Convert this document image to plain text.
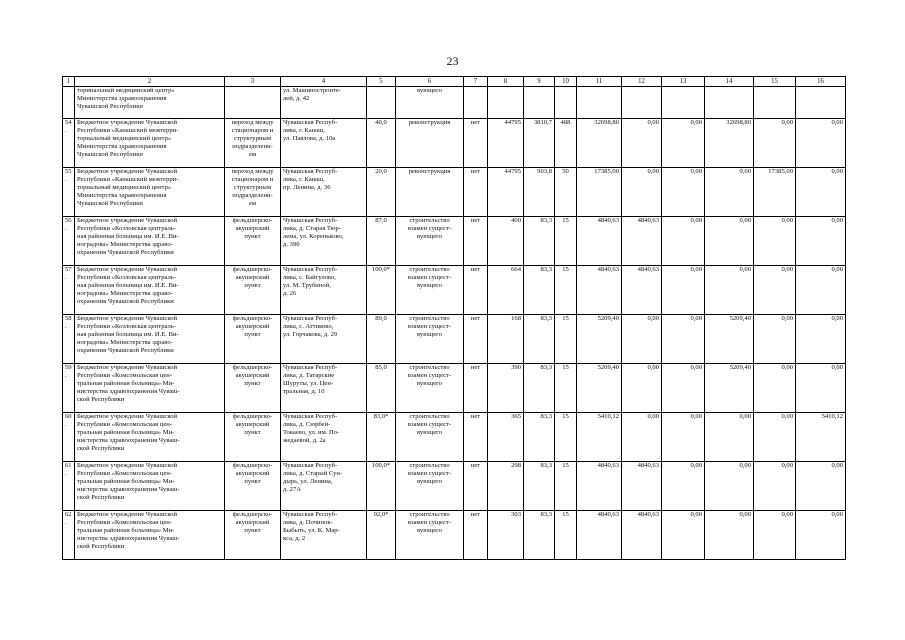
23
1	2	3	4	5	6	7	8	9	10	11	12	13	14	15	16

	торинальный медицинский центр»
Министерства здравоохранения
Чувашской Республики		ул. Машиностроите-
лей, д. 42		вующего										

54.	Бюджетное учреждение Чувашской
Республики «Канашский межтерри-
ториальный медицинский центр»
Министерства здравоохранения
Чувашской Республики	переход между
стационаром и
структурным
подразделени-
ем	Чувашская Респуб-
лика, г. Канаш,
ул. Павлова, д. 10а	40,0	реконструкция	нет	44795	3810,7	488	32698,80	0,00	0,00	32698,80	0,00	0,00
55.	Бюджетное учреждение Чувашской
Республики «Канашский межтерри-
ториальный медицинский центр»
Министерства здравоохранения
Чувашской Республики	переход между
стационаром и
структурным
подразделени-
ем	Чувашская Респуб-
лика, г. Канаш,
пр. Ленина, д. 36	20,0	реконструкция	нет	44795	903,8	50	17385,00	0,00	0,00	0,00	17385,00	0,00
56.	Бюджетное учреждение Чувашской
Республики «Козловская централь-
ная районная больница им. И.Е. Ви-
ноградова» Министерства здраво-
охранения Чувашской Республики	фельдшерско-
акушерский
пункт	Чувашская Респуб-
лика, д. Старая Тюр-
лема, ул. Кореньково,
д. 39б	87,0	строительство
взамен сущест-
вующего	нет	400	83,3	15	4840,63	4840,63	0,00	0,00	0,00	0,00
57.	Бюджетное учреждение Чувашской
Республики «Козловская централь-
ная районная больница им. И.Е. Ви-
ноградова» Министерства здраво-
охранения Чувашской Республики	фельдшерско-
акушерский
пункт	Чувашская Респуб-
лика, с. Байгулово,
ул. М. Трубиной,
д. 26	100,0*	строительство
взамен сущест-
вующего	нет	664	83,3	15	4840,63	4840,63	0,00	0,00	0,00	0,00
58.	Бюджетное учреждение Чувашской
Республики «Козловская централь-
ная районная больница им. И.Е. Ви-
ноградова» Министерства здраво-
охранения Чувашской Республики	фельдшерско-
акушерский
пункт	Чувашская Респуб-
лика, с. Аттиково,
ул. Горчакова, д. 29	89,0	строительство
взамен сущест-
вующего	нет	168	83,3	15	5209,40	0,00	0,00	5209,40	0,00	0,00
59.	Бюджетное учреждение Чувашской
Республики «Комсомольская цен-
тральная районная больница» Ми-
нистерства здравоохранения Чуваш-
ской Республики	фельдшерско-
акушерский
пункт	Чувашская Респуб-
лика, д. Татарские
Шуруты, ул. Цен-
тральная, д. 10	85,0	строительство
взамен сущест-
вующего	нет	390	83,3	15	5209,40	0,00	0,00	5209,40	0,00	0,00
60.	Бюджетное учреждение Чувашской
Республики «Комсомольская цен-
тральная районная больница» Ми-
нистерства здравоохранения Чуваш-
ской Республики	фельдшерско-
акушерский
пункт	Чувашская Респуб-
лика, д. Сюрбей-
Токаево, ул. им. По-
жедаевой, д. 2а	83,0*	строительство
взамен сущест-
вующего	нет	365	83,3	15	5410,12	0,00	0,00	0,00	0,00	5410,12
61.	Бюджетное учреждение Чувашской
Республики «Комсомольская цен-
тральная районная больница» Ми-
нистерства здравоохранения Чуваш-
ской Республики	фельдшерско-
акушерский
пункт	Чувашская Респуб-
лика, д. Старый Сун-
дырь, ул. Ленина,
д. 27А	100,0*	строительство
взамен сущест-
вующего	нет	298	83,3	15	4840,63	4840,63	0,00	0,00	0,00	0,00
62.	Бюджетное учреждение Чувашской
Республики «Комсомольская цен-
тральная районная больница» Ми-
нистерства здравоохранения Чуваш-
ской Республики	фельдшерско-
акушерский
пункт	Чувашская Респуб-
лика, д. Починок-
Быбыть, ул. К. Мар-
кса, д. 2	92,0*	строительство
взамен сущест-
вующего	нет	303	83,3	15	4840,63	4840,63	0,00	0,00	0,00	0,00
